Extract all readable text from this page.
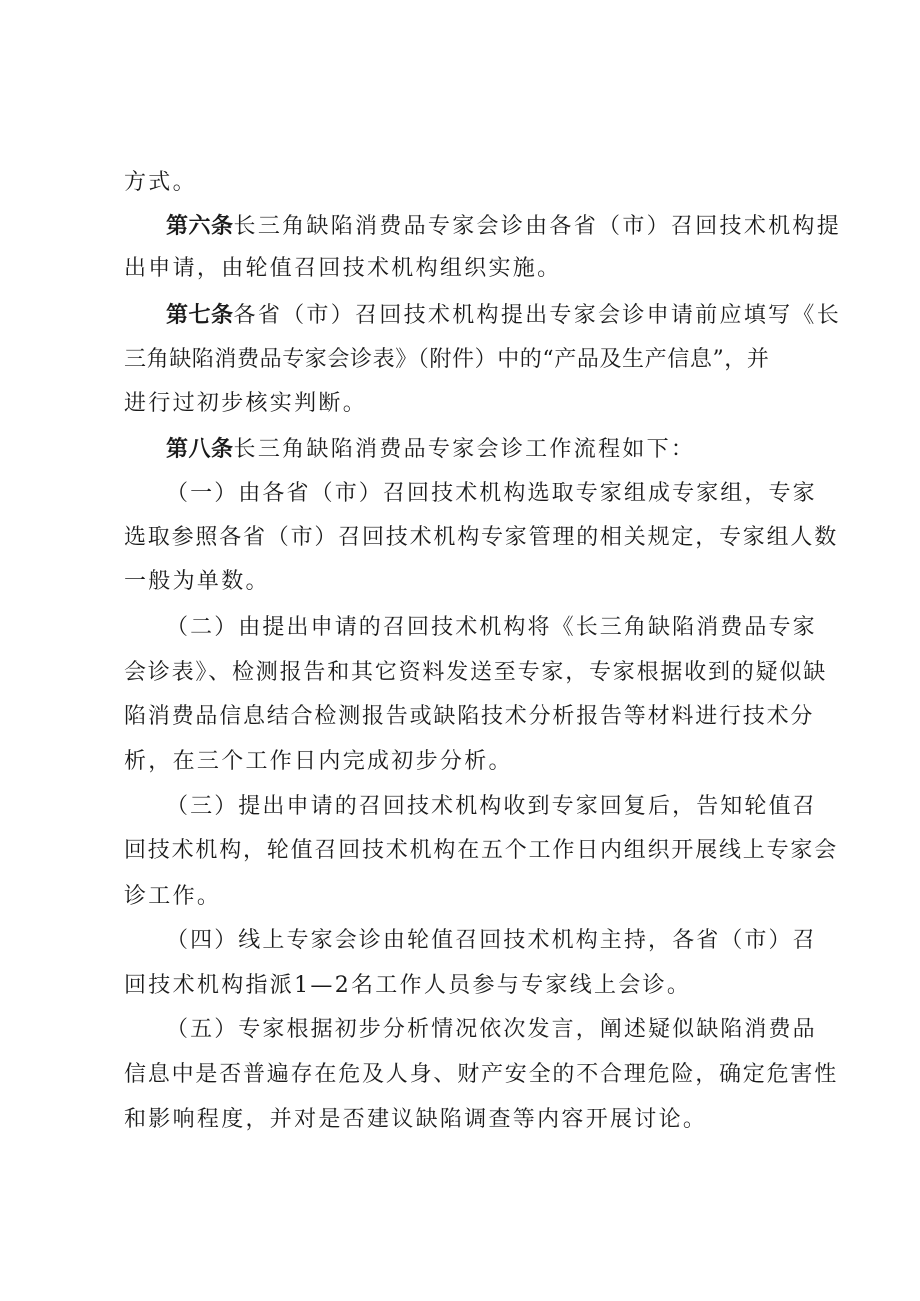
方式。
第六条长三角缺陷消费品专家会诊由各省（市）召回技术机构提
出申请，由轮值召回技术机构组织实施。
第七条各省（市）召回技术机构提出专家会诊申请前应填写《长
三角缺陷消费品专家会诊表》（附件）中的“产品及生产信息”，并
进行过初步核实判断。
第八条长三角缺陷消费品专家会诊工作流程如下：
（一）由各省（市）召回技术机构选取专家组成专家组，专家
选取参照各省（市）召回技术机构专家管理的相关规定，专家组人数
一般为单数。
（二）由提出申请的召回技术机构将《长三角缺陷消费品专家
会诊表》、检测报告和其它资料发送至专家，专家根据收到的疑似缺
陷消费品信息结合检测报告或缺陷技术分析报告等材料进行技术分
析，在三个工作日内完成初步分析。
（三）提出申请的召回技术机构收到专家回复后，告知轮值召
回技术机构，轮值召回技术机构在五个工作日内组织开展线上专家会
诊工作。
（四）线上专家会诊由轮值召回技术机构主持，各省（市）召
回技术机构指派1—2名工作人员参与专家线上会诊。
（五）专家根据初步分析情况依次发言，阐述疑似缺陷消费品
信息中是否普遍存在危及人身、财产安全的不合理危险，确定危害性
和影响程度，并对是否建议缺陷调查等内容开展讨论。
